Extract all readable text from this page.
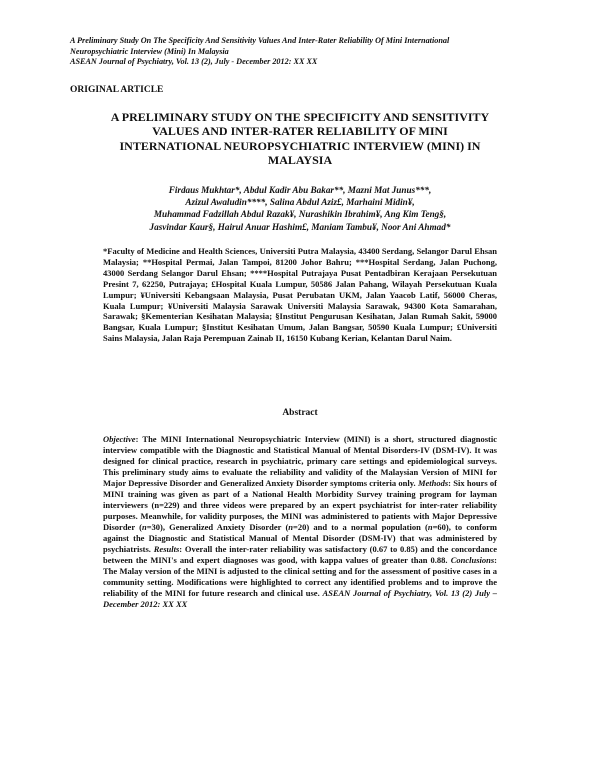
A Preliminary Study On The Specificity And Sensitivity Values And Inter-Rater Reliability Of Mini International
Neuropsychiatric Interview (Mini) In Malaysia
ASEAN Journal of Psychiatry, Vol. 13 (2), July - December 2012: XX XX
ORIGINAL ARTICLE
A PRELIMINARY STUDY ON THE SPECIFICITY AND SENSITIVITY VALUES AND INTER-RATER RELIABILITY OF MINI INTERNATIONAL NEUROPSYCHIATRIC INTERVIEW (MINI) IN MALAYSIA
Firdaus Mukhtar*, Abdul Kadir Abu Bakar**, Mazni Mat Junus***,
Azizul Awaludin****, Salina Abdul Aziz£, Marhaini Midin¥,
Muhammad Fadzillah Abdul Razak¥, Nurashikin Ibrahim¥, Ang Kim Teng§,
Jasvindar Kaur§, Hairul Anuar Hashim£, Maniam Tambu¥, Noor Ani Ahmad*

*Faculty of Medicine and Health Sciences, Universiti Putra Malaysia, 43400 Serdang, Selangor Darul Ehsan Malaysia; **Hospital Permai, Jalan Tampoi, 81200 Johor Bahru; ***Hospital Serdang, Jalan Puchong, 43000 Serdang Selangor Darul Ehsan; ****Hospital Putrajaya Pusat Pentadbiran Kerajaan Persekutuan Presint 7, 62250, Putrajaya; £Hospital Kuala Lumpur, 50586 Jalan Pahang, Wilayah Persekutuan Kuala Lumpur; ¥Universiti Kebangsaan Malaysia, Pusat Perubatan UKM, Jalan Yaacob Latif, 56000 Cheras, Kuala Lumpur; ¥Universiti Malaysia Sarawak Universiti Malaysia Sarawak, 94300 Kota Samarahan, Sarawak; §Kementerian Kesihatan Malaysia; §Institut Pengurusan Kesihatan, Jalan Rumah Sakit, 59000 Bangsar, Kuala Lumpur; §Institut Kesihatan Umum, Jalan Bangsar, 50590 Kuala Lumpur; £Universiti Sains Malaysia, Jalan Raja Perempuan Zainab II, 16150 Kubang Kerian, Kelantan Darul Naim.

Abstract

Objective: The MINI International Neuropsychiatric Interview (MINI) is a short, structured diagnostic interview compatible with the Diagnostic and Statistical Manual of Mental Disorders-IV (DSM-IV). It was designed for clinical practice, research in psychiatric, primary care settings and epidemiological surveys. This preliminary study aims to evaluate the reliability and validity of the Malaysian Version of MINI for Major Depressive Disorder and Generalized Anxiety Disorder symptoms criteria only. Methods: Six hours of MINI training was given as part of a National Health Morbidity Survey training program for layman interviewers (n=229) and three videos were prepared by an expert psychiatrist for inter-rater reliability purposes. Meanwhile, for validity purposes, the MINI was administered to patients with Major Depressive Disorder (n=30), Generalized Anxiety Disorder (n=20) and to a normal population (n=60), to conform against the Diagnostic and Statistical Manual of Mental Disorder (DSM-IV) that was administered by psychiatrists. Results: Overall the inter-rater reliability was satisfactory (0.67 to 0.85) and the concordance between the MINI's and expert diagnoses was good, with kappa values of greater than 0.88. Conclusions: The Malay version of the MINI is adjusted to the clinical setting and for the assessment of positive cases in a community setting. Modifications were highlighted to correct any identified problems and to improve the reliability of the MINI for future research and clinical use. ASEAN Journal of Psychiatry, Vol. 13 (2) July – December 2012: XX XX
